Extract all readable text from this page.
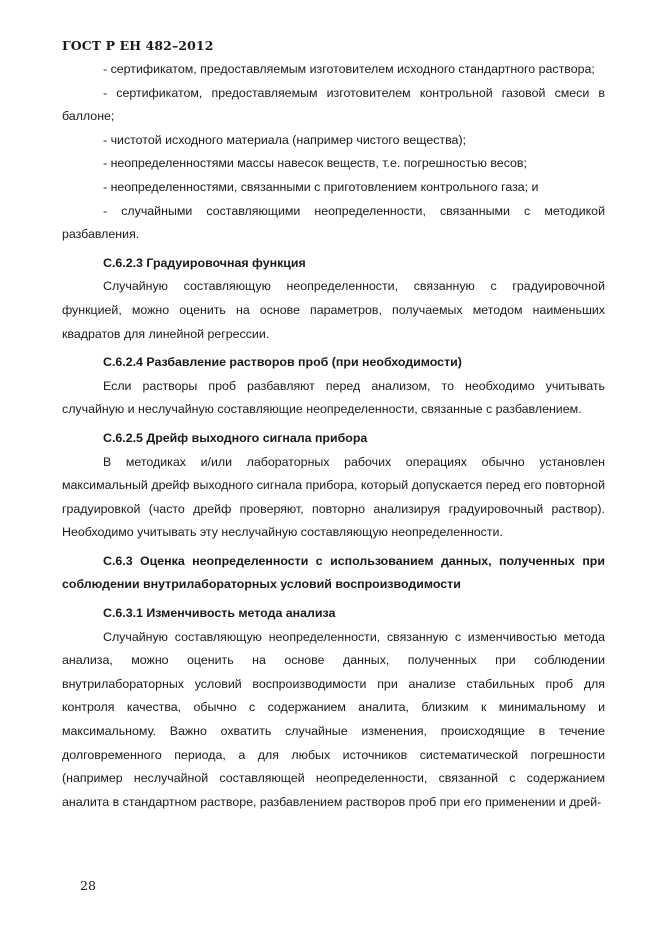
ГОСТ Р ЕН 482–2012

- сертификатом, предоставляемым изготовителем исходного стандартного раствора;

- сертификатом, предоставляемым изготовителем контрольной газовой смеси в баллоне;

- чистотой исходного материала (например чистого вещества);

- неопределенностями массы навесок веществ, т.е. погрешностью весов;

- неопределенностями, связанными с приготовлением контрольного газа; и

- случайными составляющими неопределенности, связанными с методикой разбавления.

С.6.2.3 Градуировочная функция

Случайную составляющую неопределенности, связанную с градуировочной функцией, можно оценить на основе параметров, получаемых методом наименьших квадратов для линейной регрессии.

С.6.2.4 Разбавление растворов проб (при необходимости)

Если растворы проб разбавляют перед анализом, то необходимо учитывать случайную и неслучайную составляющие неопределенности, связанные с разбавлением.

С.6.2.5 Дрейф выходного сигнала прибора

В методиках и/или лабораторных рабочих операциях обычно установлен максимальный дрейф выходного сигнала прибора, который допускается перед его повторной градуировкой (часто дрейф проверяют, повторно анализируя градуировочный раствор). Необходимо учитывать эту неслучайную составляющую неопределенности.

С.6.3 Оценка неопределенности с использованием данных, полученных при соблюдении внутрилабораторных условий воспроизводимости

С.6.3.1 Изменчивость метода анализа

Случайную составляющую неопределенности, связанную с изменчивостью метода анализа, можно оценить на основе данных, полученных при соблюдении внутрилабораторных условий воспроизводимости при анализе стабильных проб для контроля качества, обычно с содержанием аналита, близким к минимальному и максимальному. Важно охватить случайные изменения, происходящие в течение долговременного периода, а для любых источников систематической погрешности (например неслучайной составляющей неопределенности, связанной с содержанием аналита в стандартном растворе, разбавлением растворов проб при его применении и дрей-

28
